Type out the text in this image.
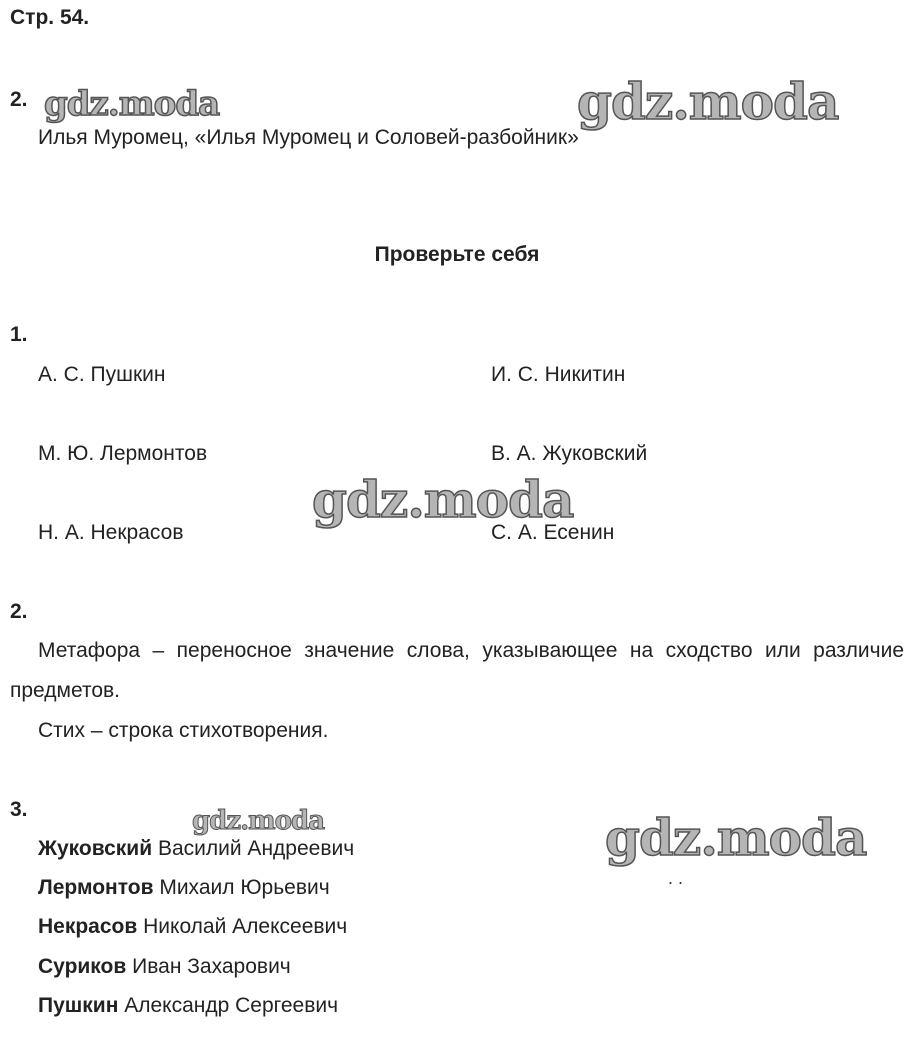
Стр. 54.
2.
Илья Муромец, «Илья Муромец и Соловей-разбойник»
Проверьте себя
1.
А. С. Пушкин	И. С. Никитин
М. Ю. Лермонтов	В. А. Жуковский
Н. А. Некрасов	С. А. Есенин
2.
Метафора – переносное значение слова, указывающее на сходство или различие предметов.
Стих – строка стихотворения.
3.
Жуковский Василий Андреевич
Лермонтов Михаил Юрьевич
Некрасов Николай Алексеевич
Суриков Иван Захарович
Пушкин Александр Сергеевич
. .
gdz.moda	gdz.moda
gdz.moda
gdz.moda	gdz.moda
